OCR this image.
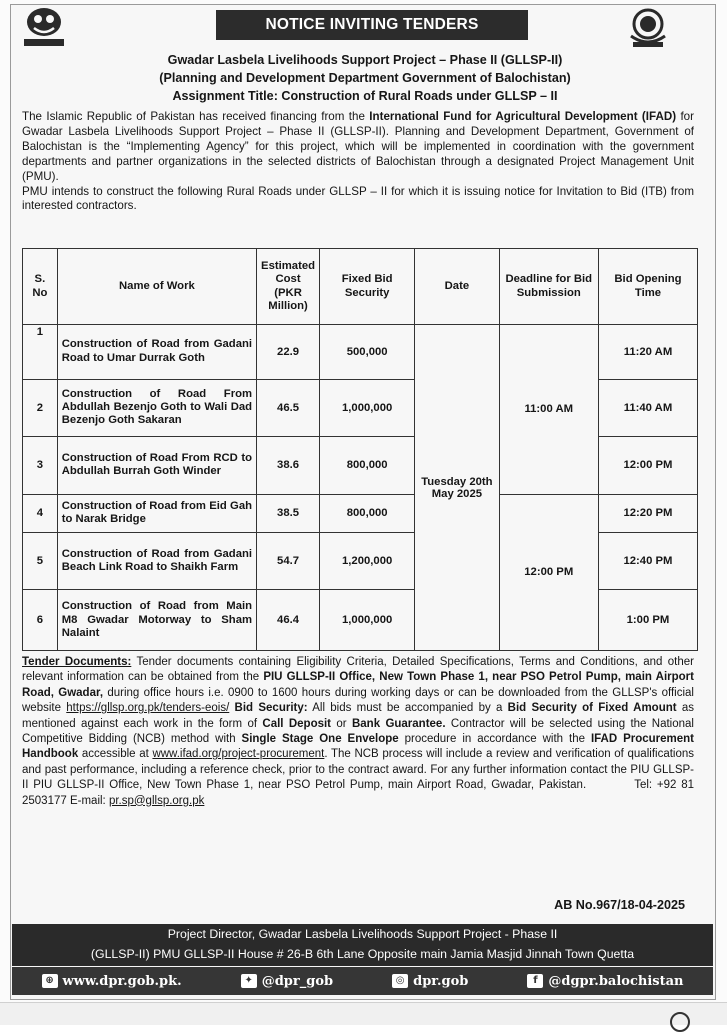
NOTICE INVITING TENDERS
Gwadar Lasbela Livelihoods Support Project – Phase II (GLLSP-II)
(Planning and Development Department Government of Balochistan)
Assignment Title: Construction of Rural Roads under GLLSP – II

The Islamic Republic of Pakistan has received financing from the International Fund for Agricultural Development (IFAD) for Gwadar Lasbela Livelihoods Support Project – Phase II (GLLSP-II). Planning and Development Department, Government of Balochistan is the “Implementing Agency” for this project, which will be implemented in coordination with the government departments and partner organizations in the selected districts of Balochistan through a designated Project Management Unit (PMU).

PMU intends to construct the following Rural Roads under GLLSP – II for which it is issuing notice for Invitation to Bid (ITB) from interested contractors.

S. No	Name of Work	Estimated Cost (PKR Million)	Fixed Bid Security	Date	Deadline for Bid Submission	Bid Opening Time
1	Construction of Road from Gadani Road to Umar Durrak Goth	22.9	500,000	Tuesday 20th May 2025	11:00 AM	11:20 AM
2	Construction of Road From Abdullah Bezenjo Goth to Wali Dad Bezenjo Goth Sakaran	46.5	1,000,000			11:40 AM
3	Construction of Road From RCD to Abdullah Burrah Goth Winder	38.6	800,000			12:00 PM
4	Construction of Road from Eid Gah to Narak Bridge	38.5	800,000		12:00 PM	12:20 PM
5	Construction of Road from Gadani Beach Link Road to Shaikh Farm	54.7	1,200,000			12:40 PM
6	Construction of Road from Main M8 Gwadar Motorway to Sham Nalaint	46.4	1,000,000			1:00 PM

Tender Documents: Tender documents containing Eligibility Criteria, Detailed Specifications, Terms and Conditions, and other relevant information can be obtained from the PIU GLLSP-II Office, New Town Phase 1, near PSO Petrol Pump, main Airport Road, Gwadar, during office hours i.e. 0900 to 1600 hours during working days or can be downloaded from the GLLSP's official website https://gllsp.org.pk/tenders-eois/ Bid Security: All bids must be accompanied by a Bid Security of Fixed Amount as mentioned against each work in the form of Call Deposit or Bank Guarantee. Contractor will be selected using the National Competitive Bidding (NCB) method with Single Stage One Envelope procedure in accordance with the IFAD Procurement Handbook accessible at www.ifad.org/project-procurement. The NCB process will include a review and verification of qualifications and past performance, including a reference check, prior to the contract award. For any further information contact the PIU GLLSP-II PIU GLLSP-II Office, New Town Phase 1, near PSO Petrol Pump, main Airport Road, Gwadar, Pakistan.	Tel: +92 81 2503177 E-mail: pr.sp@gllsp.org.pk

AB No.967/18-04-2025
Project Director, Gwadar Lasbela Livelihoods Support Project - Phase II
(GLLSP-II) PMU GLLSP-II House # 26-B 6th Lane Opposite main Jamia Masjid Jinnah Town Quetta
⊕ www.dpr.gob.pk.	✦ @dpr_gob	◎ dpr.gob	f @dgpr.balochistan
